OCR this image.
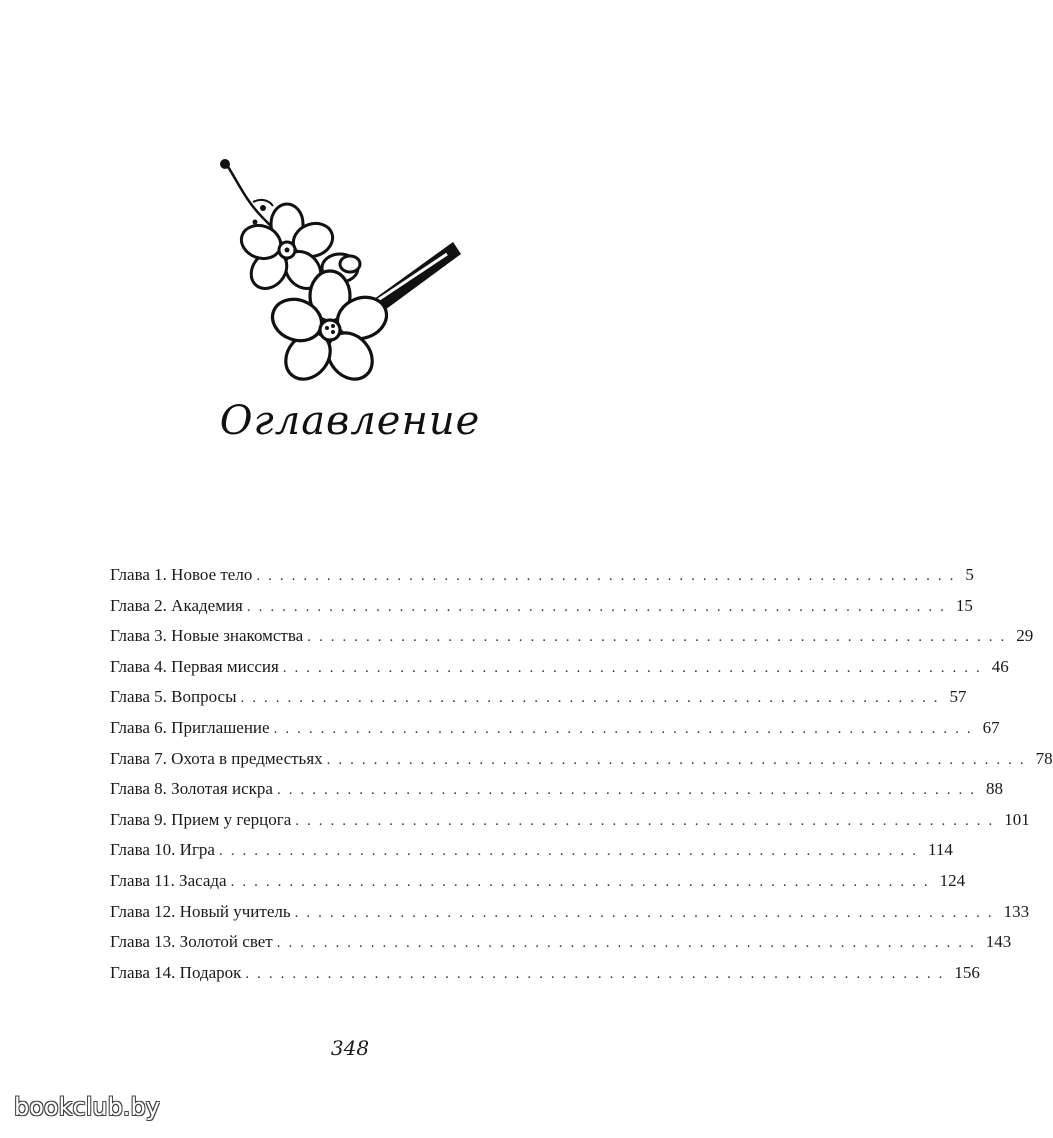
Оглавление
Глава 1. Новое тело ............................................................ 5
Глава 2. Академия ............................................................ 15
Глава 3. Новые знакомства ............................................................ 29
Глава 4. Первая миссия ............................................................ 46
Глава 5. Вопросы ............................................................ 57
Глава 6. Приглашение ............................................................ 67
Глава 7. Охота в предместьях ............................................................ 78
Глава 8. Золотая искра ............................................................ 88
Глава 9. Прием у герцога ............................................................ 101
Глава 10. Игра ............................................................ 114
Глава 11. Засада ............................................................ 124
Глава 12. Новый учитель ............................................................ 133
Глава 13. Золотой свет ............................................................ 143
Глава 14. Подарок ............................................................ 156
348
bookclub.by
